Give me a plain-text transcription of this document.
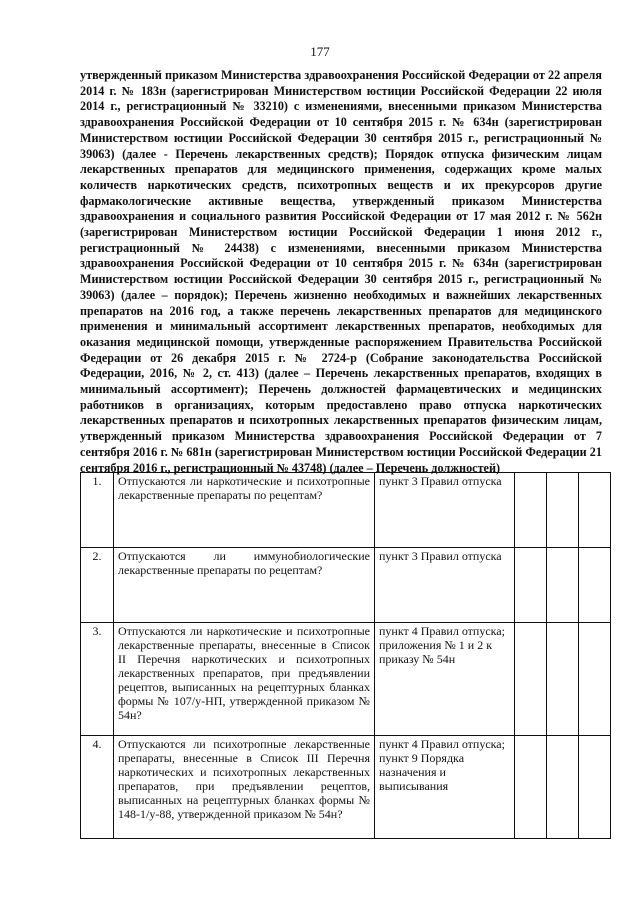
177
утвержденный приказом Министерства здравоохранения Российской Федерации от 22 апреля 2014 г. № 183н (зарегистрирован Министерством юстиции Российской Федерации 22 июля 2014 г., регистрационный № 33210) с изменениями, внесенными приказом Министерства здравоохранения Российской Федерации от 10 сентября 2015 г. № 634н (зарегистрирован Министерством юстиции Российской Федерации 30 сентября 2015 г., регистрационный № 39063) (далее - Перечень лекарственных средств); Порядок отпуска физическим лицам лекарственных препаратов для медицинского применения, содержащих кроме малых количеств наркотических средств, психотропных веществ и их прекурсоров другие фармакологические активные вещества, утвержденный приказом Министерства здравоохранения и социального развития Российской Федерации от 17 мая 2012 г. № 562н (зарегистрирован Министерством юстиции Российской Федерации 1 июня 2012 г., регистрационный № 24438) с изменениями, внесенными приказом Министерства здравоохранения Российской Федерации от 10 сентября 2015 г. № 634н (зарегистрирован Министерством юстиции Российской Федерации 30 сентября 2015 г., регистрационный № 39063) (далее – порядок); Перечень жизненно необходимых и важнейших лекарственных препаратов на 2016 год, а также перечень лекарственных препаратов для медицинского применения и минимальный ассортимент лекарственных препаратов, необходимых для оказания медицинской помощи, утвержденные распоряжением Правительства Российской Федерации от 26 декабря 2015 г. № 2724-р (Собрание законодательства Российской Федерации, 2016, № 2, ст. 413) (далее – Перечень лекарственных препаратов, входящих в минимальный ассортимент); Перечень должностей фармацевтических и медицинских работников в организациях, которым предоставлено право отпуска наркотических лекарственных препаратов и психотропных лекарственных препаратов физическим лицам, утвержденный приказом Министерства здравоохранения Российской Федерации от 7 сентября 2016 г. № 681н (зарегистрирован Министерством юстиции Российской Федерации 21 сентября 2016 г., регистрационный № 43748) (далее – Перечень должностей)
1.	Отпускаются ли наркотические и психотропные лекарственные препараты по рецептам?	пункт 3 Правил отпуска			
2.	Отпускаются ли иммунобиологические лекарственные препараты по рецептам?	пункт 3 Правил отпуска			
3.	Отпускаются ли наркотические и психотропные лекарственные препараты, внесенные в Список II Перечня наркотических и психотропных лекарственных препаратов, при предъявлении рецептов, выписанных на рецептурных бланках формы № 107/у-НП, утвержденной приказом № 54н?	пункт 4 Правил отпуска; приложения № 1 и 2 к приказу № 54н			
4.	Отпускаются ли психотропные лекарственные препараты, внесенные в Список III Перечня наркотических и психотропных лекарственных препаратов, при предъявлении рецептов, выписанных на рецептурных бланках формы № 148-1/у-88, утвержденной приказом № 54н?	пункт 4 Правил отпуска; пункт 9 Порядка назначения и выписывания			
